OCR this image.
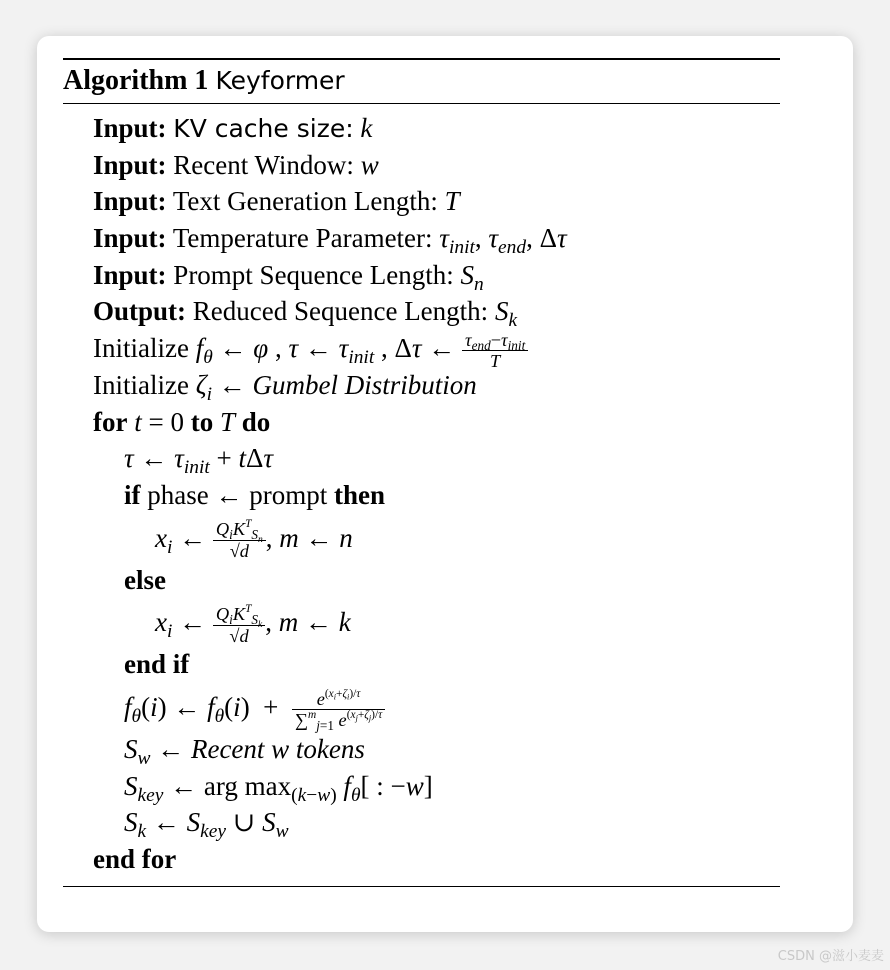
Algorithm 1 Keyformer
Input: KV cache size: k
Input: Recent Window: w
Input: Text Generation Length: T
Input: Temperature Parameter: $\tau_{init}$, $\tau_{end}$, Δτ
Input: Prompt Sequence Length: $S_n$
Output: Reduced Sequence Length: $S_k$
Initialize $f_\theta$ ← φ , τ ← $\tau_{init}$ , Δτ ← $\frac{\tau_{end}-\tau_{init}}{T}$
Initialize $\zeta_i$ ← Gumbel Distribution
for t = 0 to T do
τ ← $\tau_{init} + t\Delta\tau$
if phase ← prompt then
$x_i$ ← $\frac{Q_iK^T_{S_n}}{√d}$ , m ← n
else
$x_i$ ← $\frac{Q_iK^T_{S_k}}{√d}$ , m ← k
end if
$f_\theta(i)$ ← $f_\theta(i) + \frac{e^{(x_i+\zeta_i)/\tau}}{\sum^m_{j=1} e^{(x_j+\zeta_j)/\tau}}$
$S_w$ ← Recent w tokens
$S_{key}$ ← arg $\max_{(k-w)} f_\theta$[ : −w]
$S_k$ ← $S_{key}$ ∪ $S_w$
end for
CSDN @滋小麦麦
